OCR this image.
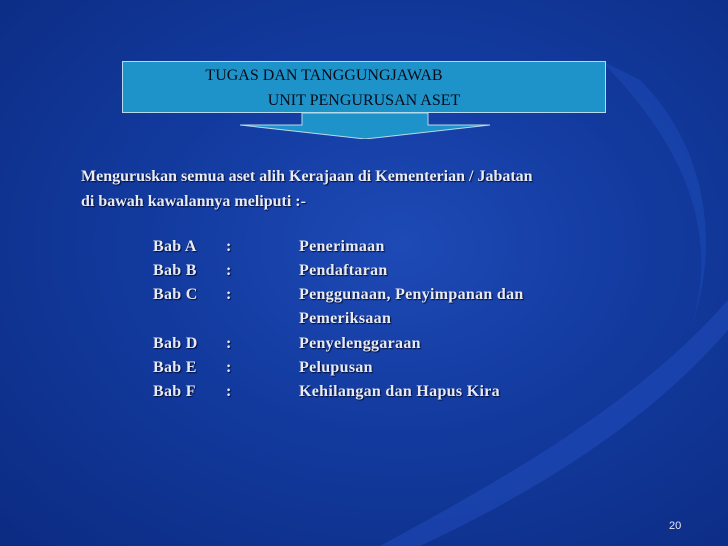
TUGAS DAN TANGGUNGJAWAB
UNIT PENGURUSAN ASET
Menguruskan semua aset alih Kerajaan di Kementerian / Jabatan
di bawah kawalannya meliputi :-
Bab A :	Penerimaan
Bab B :	Pendaftaran
Bab C :	Penggunaan, Penyimpanan dan
Pemeriksaan
Bab D :	Penyelenggaraan
Bab E :	Pelupusan
Bab F :	Kehilangan dan Hapus Kira
20
